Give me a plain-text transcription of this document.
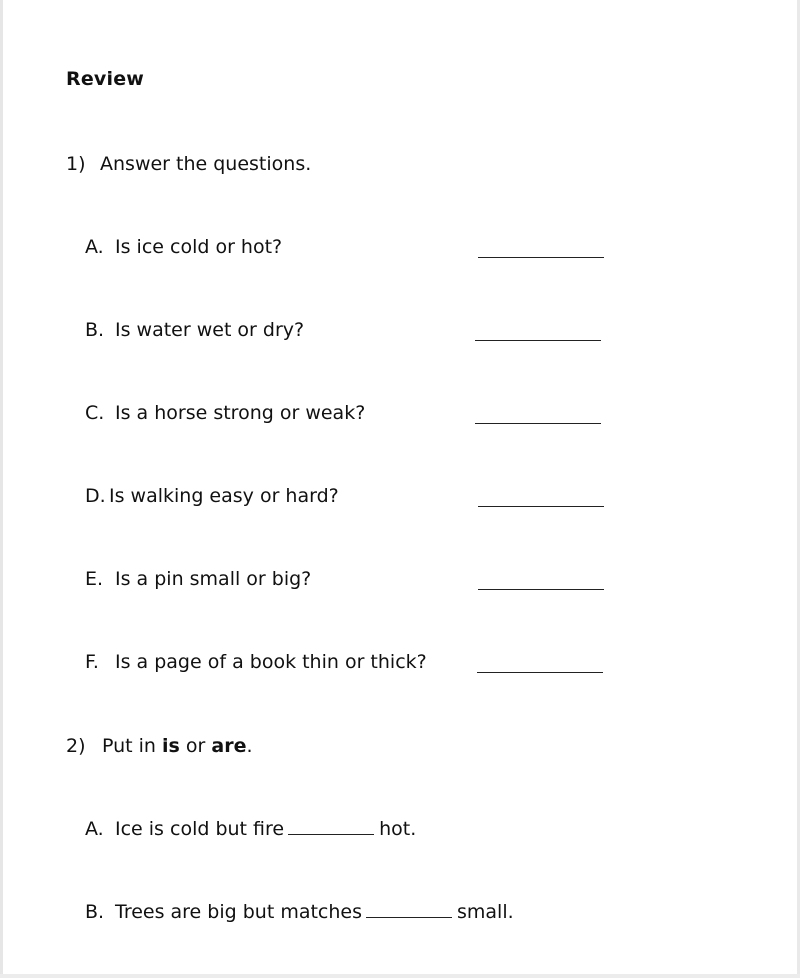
Review
1) Answer the questions.
A. Is ice cold or hot?
B. Is water wet or dry?
C. Is a horse strong or weak?
D. Is walking easy or hard?
E. Is a pin small or big?
F. Is a page of a book thin or thick?
2) Put in is or are.
A. Ice is cold but fire	hot.
B. Trees are big but matches	small.
